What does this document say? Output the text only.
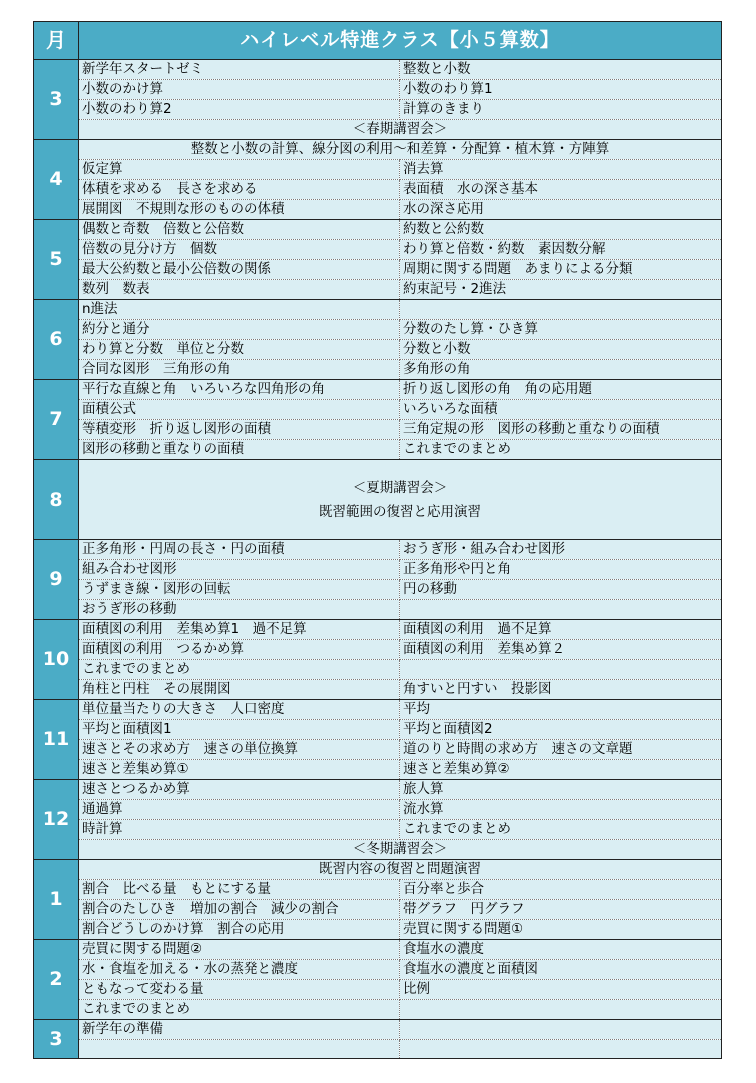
月	ハイレベル特進クラス【小５算数】	
3	新学年スタートゼミ	整数と小数
	小数のかけ算	小数のわり算1
	小数のわり算2	計算のきまり
	＜春期講習会＞	
4	整数と小数の計算、線分図の利用～和差算・分配算・植木算・方陣算	
	仮定算	消去算
	体積を求める　長さを求める	表面積　水の深さ基本
	展開図　不規則な形のものの体積	水の深さ応用
5	偶数と奇数　倍数と公倍数	約数と公約数
	倍数の見分け方　個数	わり算と倍数・約数　素因数分解
	最大公約数と最小公倍数の関係	周期に関する問題　あまりによる分類
	数列　数表	約束記号・2進法
6	n進法	
	約分と通分	分数のたし算・ひき算
	わり算と分数　単位と分数	分数と小数
	合同な図形　三角形の角	多角形の角
7	平行な直線と角　いろいろな四角形の角	折り返し図形の角　角の応用題
	面積公式	いろいろな面積
	等積変形　折り返し図形の面積	三角定規の形　図形の移動と重なりの面積
	図形の移動と重なりの面積	これまでのまとめ
8	＜夏期講習会＞
既習範囲の復習と応用演習	

9	正多角形・円周の長さ・円の面積	おうぎ形・組み合わせ図形
	組み合わせ図形	正多角形や円と角
	うずまき線・図形の回転	円の移動
	おうぎ形の移動	
10	面積図の利用　差集め算1　過不足算	面積図の利用　過不足算
	面積図の利用　つるかめ算	面積図の利用　差集め算２
	これまでのまとめ	
	角柱と円柱　その展開図	角すいと円すい　投影図
11	単位量当たりの大きさ　人口密度	平均
	平均と面積図1	平均と面積図2
	速さとその求め方　速さの単位換算	道のりと時間の求め方　速さの文章題
	速さと差集め算①	速さと差集め算②
12	速さとつるかめ算	旅人算
	通過算	流水算
	時計算	これまでのまとめ
	＜冬期講習会＞	
1	既習内容の復習と問題演習	
	割合　比べる量　もとにする量	百分率と歩合
	割合のたしひき　増加の割合　減少の割合	帯グラフ　円グラフ
	割合どうしのかけ算　割合の応用	売買に関する問題①
2	売買に関する問題②	食塩水の濃度
	水・食塩を加える・水の蒸発と濃度	食塩水の濃度と面積図
	ともなって変わる量	比例
	これまでのまとめ	
3	新学年の準備	
